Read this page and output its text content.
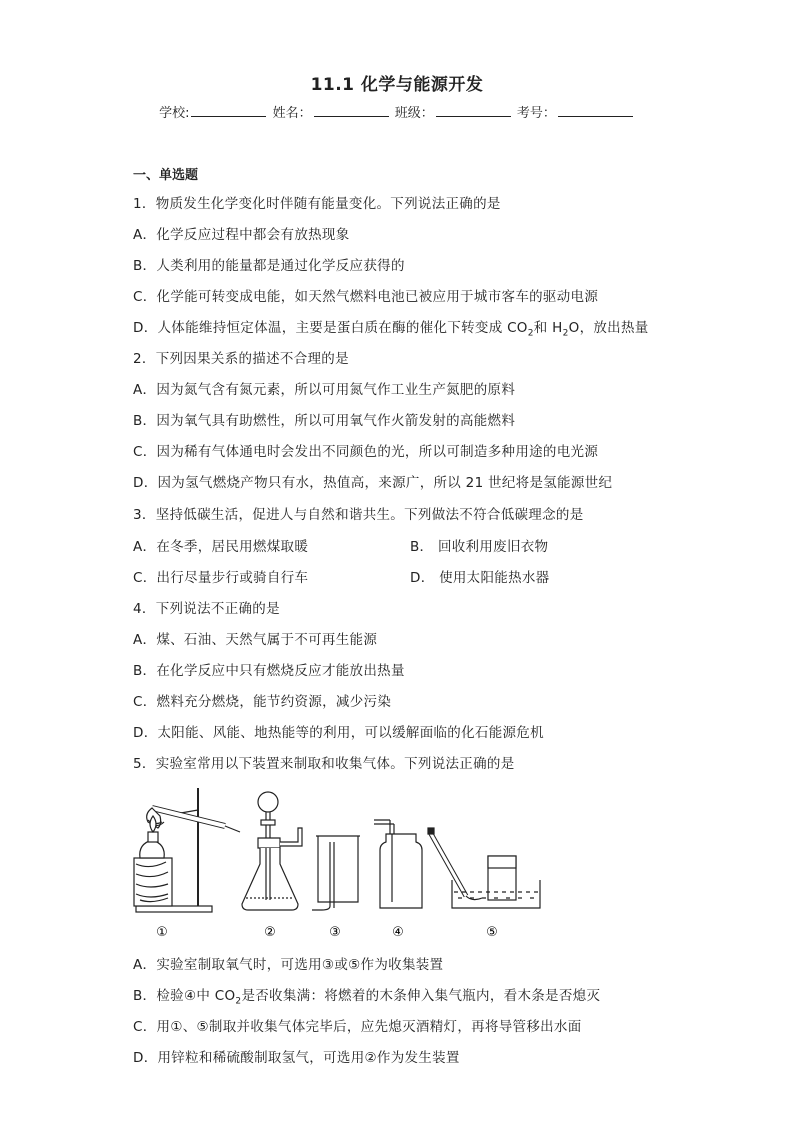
11.1 化学与能源开发
学校:	姓名：	班级：	考号：
一、单选题
1．物质发生化学变化时伴随有能量变化。下列说法正确的是
A．化学反应过程中都会有放热现象
B．人类利用的能量都是通过化学反应获得的
C．化学能可转变成电能，如天然气燃料电池已被应用于城市客车的驱动电源
D．人体能维持恒定体温，主要是蛋白质在酶的催化下转变成 $CO_2$和 $H_2O$，放出热量
2．下列因果关系的描述不合理的是
A．因为氮气含有氮元素，所以可用氮气作工业生产氮肥的原料
B．因为氧气具有助燃性，所以可用氧气作火箭发射的高能燃料
C．因为稀有气体通电时会发出不同颜色的光，所以可制造多种用途的电光源
D．因为氢气燃烧产物只有水，热值高，来源广，所以 21 世纪将是氢能源世纪
3．坚持低碳生活，促进人与自然和谐共生。下列做法不符合低碳理念的是
A．在冬季，居民用燃煤取暖	B． 回收利用废旧衣物
C．出行尽量步行或骑自行车	D． 使用太阳能热水器
4．下列说法不正确的是
A．煤、石油、天然气属于不可再生能源
B．在化学反应中只有燃烧反应才能放出热量
C．燃料充分燃烧，能节约资源，减少污染
D．太阳能、风能、地热能等的利用，可以缓解面临的化石能源危机
5．实验室常用以下装置来制取和收集气体。下列说法正确的是
①	②	③	④	⑤
A．实验室制取氧气时，可选用③或⑤作为收集装置
B．检验④中 $CO_2$是否收集满：将燃着的木条伸入集气瓶内，看木条是否熄灭
C．用①、⑤制取并收集气体完毕后，应先熄灭酒精灯，再将导管移出水面
D．用锌粒和稀硫酸制取氢气，可选用②作为发生装置
